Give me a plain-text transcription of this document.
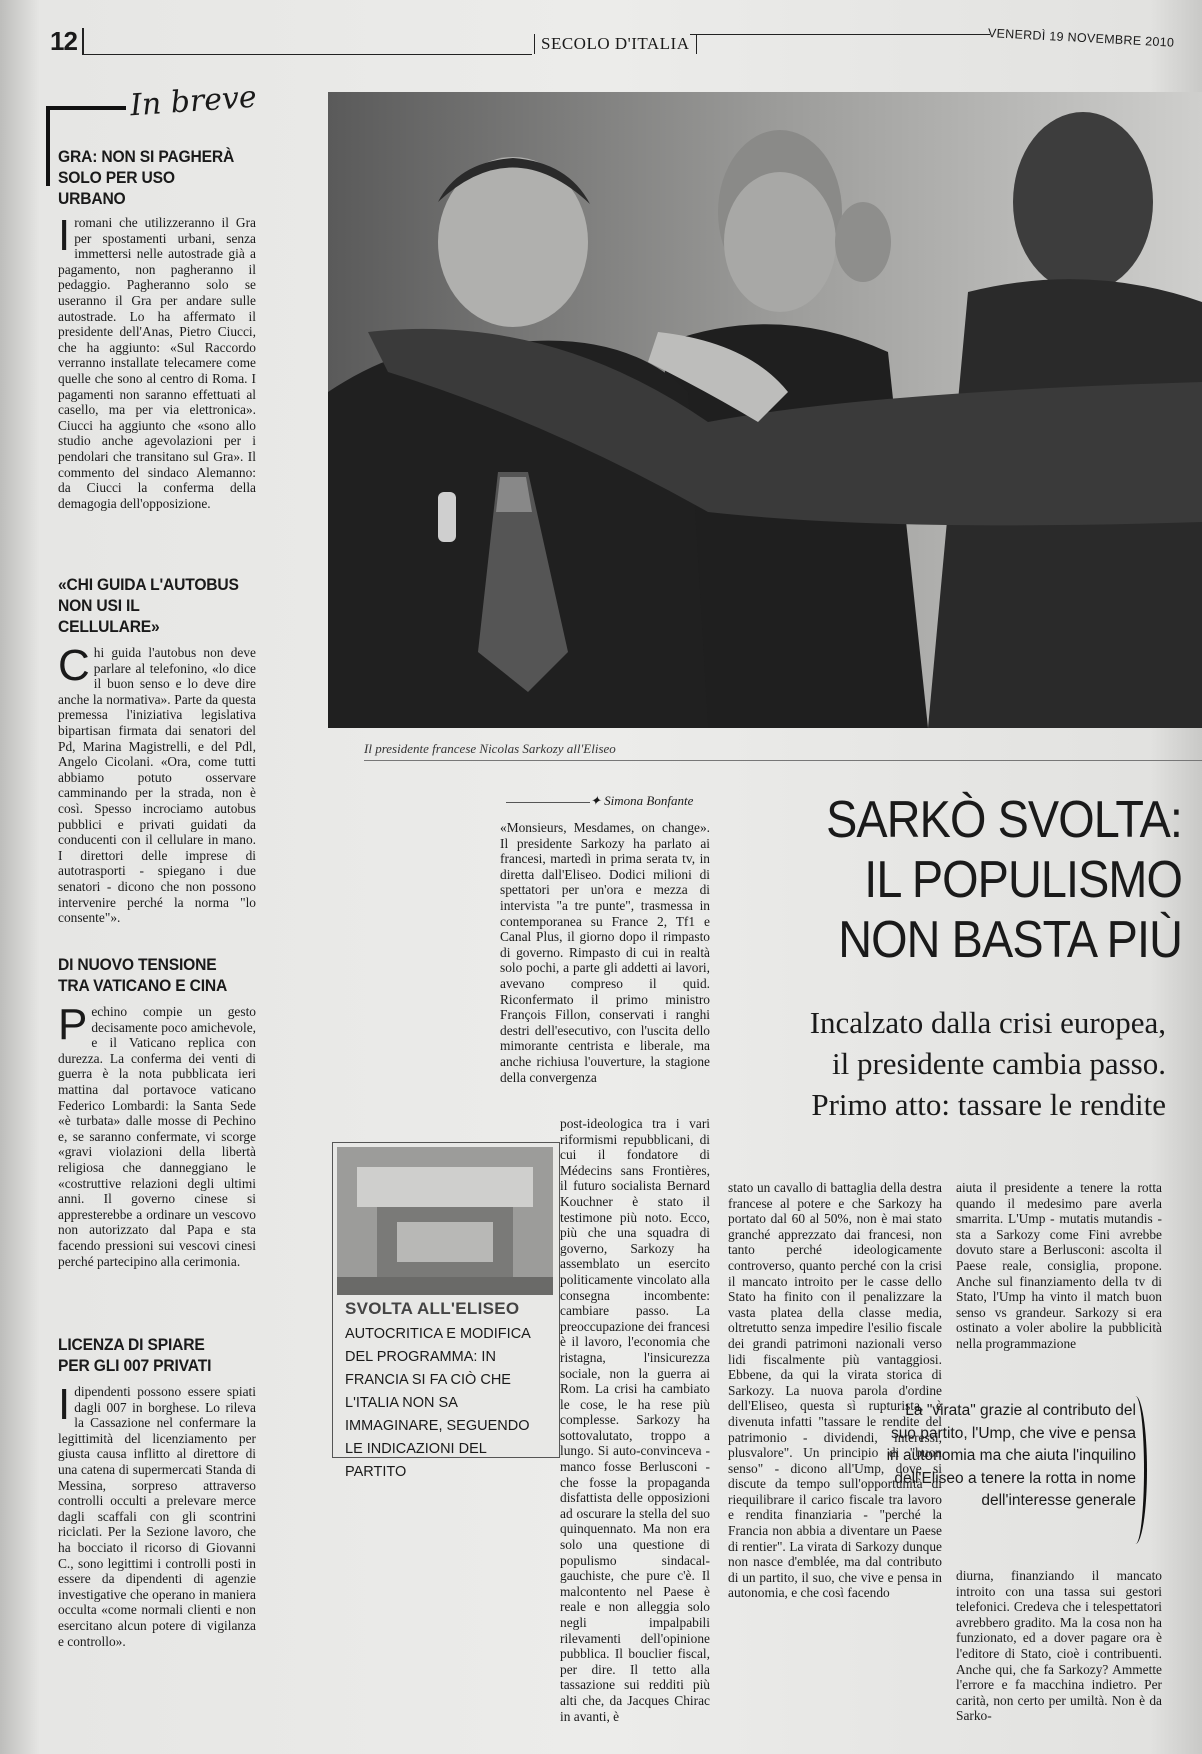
12	SECOLO D'ITALIA	VENERDÌ 19 NOVEMBRE 2010
In breve

GRA: NON SI PAGHERÀ SOLO PER USO URBANO

Iromani che utilizzeranno il Gra per spostamenti urbani, senza immettersi nelle autostrade già a pagamento, non pagheranno il pedaggio. Pagheranno solo se useranno il Gra per andare sulle autostrade. Lo ha affermato il presidente dell'Anas, Pietro Ciucci, che ha aggiunto: «Sul Raccordo verranno installate telecamere come quelle che sono al centro di Roma. I pagamenti non saranno effettuati al casello, ma per via elettronica». Ciucci ha aggiunto che «sono allo studio anche agevolazioni per i pendolari che transitano sul Gra». Il commento del sindaco Alemanno: da Ciucci la conferma della demagogia dell'opposizione.

«CHI GUIDA L'AUTOBUS NON USI IL CELLULARE»

Chi guida l'autobus non deve parlare al telefonino, «lo dice il buon senso e lo deve dire anche la normativa». Parte da questa premessa l'iniziativa legislativa bipartisan firmata dai senatori del Pd, Marina Magistrelli, e del Pdl, Angelo Cicolani. «Ora, come tutti abbiamo potuto osservare camminando per la strada, non è così. Spesso incrociamo autobus pubblici e privati guidati da conducenti con il cellulare in mano. I direttori delle imprese di autotrasporti - spiegano i due senatori - dicono che non possono intervenire perché la norma "lo consente"».

DI NUOVO TENSIONE TRA VATICANO E CINA

Pechino compie un gesto decisamente poco amichevole, e il Vaticano replica con durezza. La conferma dei venti di guerra è la nota pubblicata ieri mattina dal portavoce vaticano Federico Lombardi: la Santa Sede «è turbata» dalle mosse di Pechino e, se saranno confermate, vi scorge «gravi violazioni della libertà religiosa che danneggiano le «costruttive relazioni degli ultimi anni. Il governo cinese si appresterebbe a ordinare un vescovo non autorizzato dal Papa e sta facendo pressioni sui vescovi cinesi perché partecipino alla cerimonia.

LICENZA DI SPIARE PER GLI 007 PRIVATI

Idipendenti possono essere spiati dagli 007 in borghese. Lo rileva la Cassazione nel confermare la legittimità del licenziamento per giusta causa inflitto al direttore di una catena di supermercati Standa di Messina, sorpreso attraverso controlli occulti a prelevare merce dagli scaffali con gli scontrini riciclati. Per la Sezione lavoro, che ha bocciato il ricorso di Giovanni C., sono legittimi i controlli posti in essere da dipendenti di agenzie investigative che operano in maniera occulta «come normali clienti e non esercitano alcun potere di vigilanza e controllo».

Il presidente francese Nicolas Sarkozy all'Eliseo
✦ Simona Bonfante	SARKÒ SVOLTA:
IL POPULISMO
NON BASTA PIÙ
Incalzato dalla crisi europea,
il presidente cambia passo.
Primo atto: tassare le rendite

«Monsieurs, Mesdames, on change». Il presidente Sarkozy ha parlato ai francesi, martedì in prima serata tv, in diretta dall'Eliseo. Dodici milioni di spettatori per un'ora e mezza di intervista "a tre punte", trasmessa in contemporanea su France 2, Tf1 e Canal Plus, il giorno dopo il rimpasto di governo. Rimpasto di cui in realtà solo pochi, a parte gli addetti ai lavori, avevano compreso il quid. Riconfermato il primo ministro François Fillon, conservati i ranghi destri dell'esecutivo, con l'uscita dello mimorante centrista e liberale, ma anche richiusa l'ouverture, la stagione della convergenza

post-ideologica tra i vari riformismi repubblicani, di cui il fondatore di Médecins sans Frontières, il futuro socialista Bernard Kouchner è stato il testimone più noto. Ecco, più che una squadra di governo, Sarkozy ha assemblato un esercito politicamente vincolato alla consegna incombente: cambiare passo. La preoccupazione dei francesi è il lavoro, l'economia che ristagna, l'insicurezza sociale, non la guerra ai Rom. La crisi ha cambiato le cose, le ha rese più complesse. Sarkozy ha sottovalutato, troppo a lungo. Si auto-convinceva - manco fosse Berlusconi - che fosse la propaganda disfattista delle opposizioni ad oscurare la stella del suo quinquennato. Ma non era solo una questione di populismo sindacal-gauchiste, che pure c'è. Il malcontento nel Paese è reale e non alleggia solo negli impalpabili rilevamenti dell'opinione pubblica. Il bouclier fiscal, per dire. Il tetto alla tassazione sui redditi più alti che, da Jacques Chirac in avanti, è

SVOLTA ALL'ELISEO
AUTOCRITICA E MODIFICA DEL PROGRAMMA: IN FRANCIA SI FA CIÒ CHE L'ITALIA NON SA IMMAGINARE, SEGUENDO LE INDICAZIONI DEL PARTITO

stato un cavallo di battaglia della destra francese al potere e che Sarkozy ha portato dal 60 al 50%, non è mai stato granché apprezzato dai francesi, non tanto perché ideologicamente controverso, quanto perché con la crisi il mancato introito per le casse dello Stato ha finito con il penalizzare la vasta platea della classe media, oltretutto senza impedire l'esilio fiscale dei grandi patrimoni nazionali verso lidi fiscalmente più vantaggiosi. Ebbene, da qui la virata storica di Sarkozy. La nuova parola d'ordine dell'Eliseo, questa sì rupturista, è divenuta infatti "tassare le rendite del patrimonio - dividendi, interessi, plusvalore". Un principio di "buon senso" - dicono all'Ump, dove si discute da tempo sull'opportunità di riequilibrare il carico fiscale tra lavoro e rendita finanziaria - "perché la Francia non abbia a diventare un Paese di rentier". La virata di Sarkozy dunque non nasce d'emblée, ma dal contributo di un partito, il suo, che vive e pensa in autonomia, e che così facendo

aiuta il presidente a tenere la rotta quando il medesimo pare averla smarrita. L'Ump - mutatis mutandis - sta a Sarkozy come Fini avrebbe dovuto stare a Berlusconi: ascolta il Paese reale, consiglia, propone. Anche sul finanziamento della tv di Stato, l'Ump ha vinto il match buon senso vs grandeur. Sarkozy si era ostinato a voler abolire la pubblicità nella programmazione

La "virata" grazie al contributo del suo partito, l'Ump, che vive e pensa in autonomia ma che aiuta l'inquilino dell'Eliseo a tenere la rotta in nome dell'interesse generale

diurna, finanziando il mancato introito con una tassa sui gestori telefonici. Credeva che i telespettatori avrebbero gradito. Ma la cosa non ha funzionato, ed a dover pagare ora è l'editore di Stato, cioè i contribuenti. Anche qui, che fa Sarkozy? Ammette l'errore e fa macchina indietro. Per carità, non certo per umiltà. Non è da Sarko-
